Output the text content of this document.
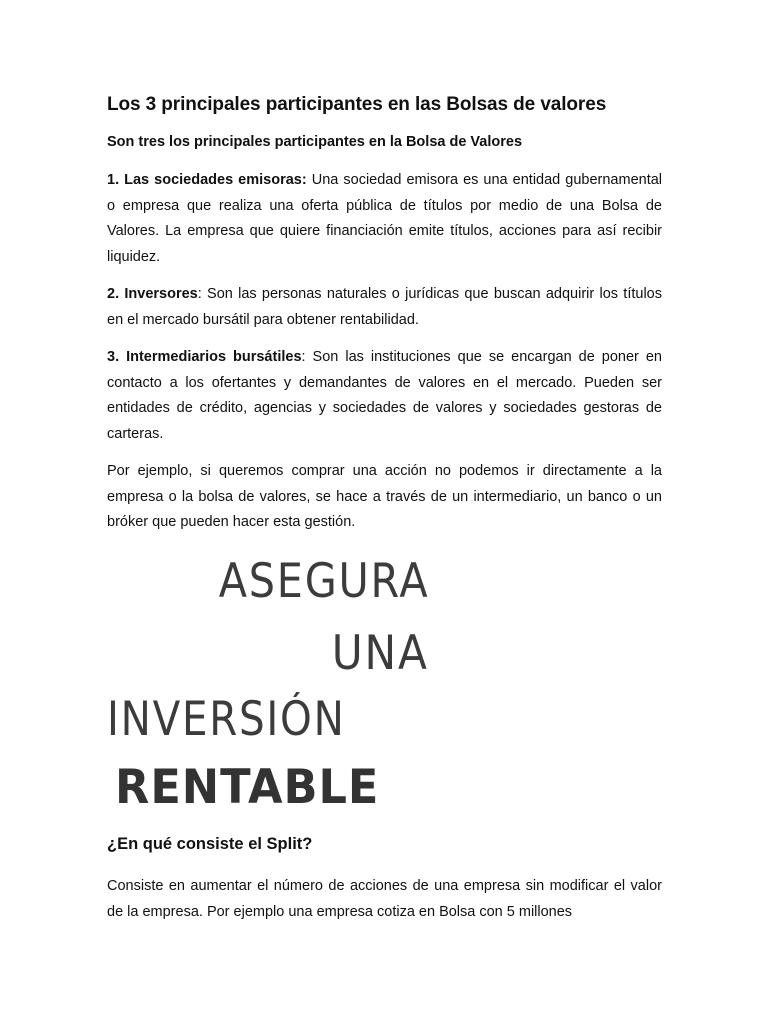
Los 3 principales participantes en las Bolsas de valores
Son tres los principales participantes en la Bolsa de Valores

1. Las sociedades emisoras: Una sociedad emisora es una entidad gubernamental o empresa que realiza una oferta pública de títulos por medio de una Bolsa de Valores. La empresa que quiere financiación emite títulos, acciones para así recibir liquidez.

2. Inversores: Son las personas naturales o jurídicas que buscan adquirir los títulos en el mercado bursátil para obtener rentabilidad.

3. Intermediarios bursátiles: Son las instituciones que se encargan de poner en contacto a los ofertantes y demandantes de valores en el mercado. Pueden ser entidades de crédito, agencias y sociedades de valores y sociedades gestoras de carteras.

Por ejemplo, si queremos comprar una acción no podemos ir directamente a la empresa o la bolsa de valores, se hace a través de un intermediario, un banco o un bróker que pueden hacer esta gestión.

ASEGURA
UNA
INVERSIÓN
RENTABLE
¿En qué consiste el Split?

Consiste en aumentar el número de acciones de una empresa sin modificar el valor de la empresa. Por ejemplo una empresa cotiza en Bolsa con 5 millones
